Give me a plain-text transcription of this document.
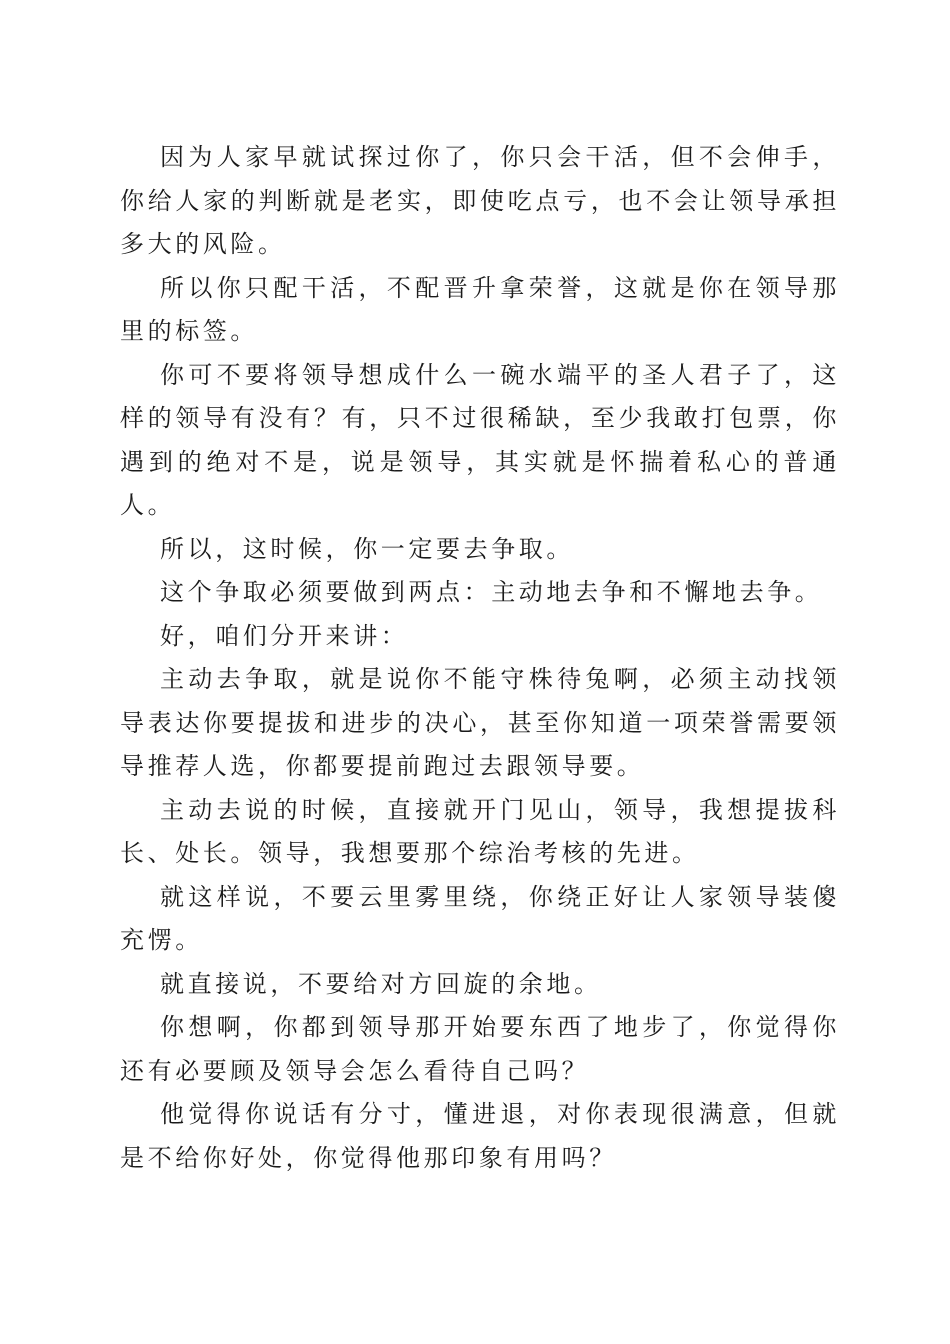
因为人家早就试探过你了，你只会干活，但不会伸手，你给人家的判断就是老实，即使吃点亏，也不会让领导承担多大的风险。

所以你只配干活，不配晋升拿荣誉，这就是你在领导那里的标签。

你可不要将领导想成什么一碗水端平的圣人君子了，这样的领导有没有？有，只不过很稀缺，至少我敢打包票，你遇到的绝对不是，说是领导，其实就是怀揣着私心的普通人。

所以，这时候，你一定要去争取。

这个争取必须要做到两点：主动地去争和不懈地去争。

好，咱们分开来讲：

主动去争取，就是说你不能守株待兔啊，必须主动找领导表达你要提拔和进步的决心，甚至你知道一项荣誉需要领导推荐人选，你都要提前跑过去跟领导要。

主动去说的时候，直接就开门见山，领导，我想提拔科长、处长。领导，我想要那个综治考核的先进。

就这样说，不要云里雾里绕，你绕正好让人家领导装傻充愣。

就直接说，不要给对方回旋的余地。

你想啊，你都到领导那开始要东西了地步了，你觉得你还有必要顾及领导会怎么看待自己吗？

他觉得你说话有分寸，懂进退，对你表现很满意，但就是不给你好处，你觉得他那印象有用吗？
